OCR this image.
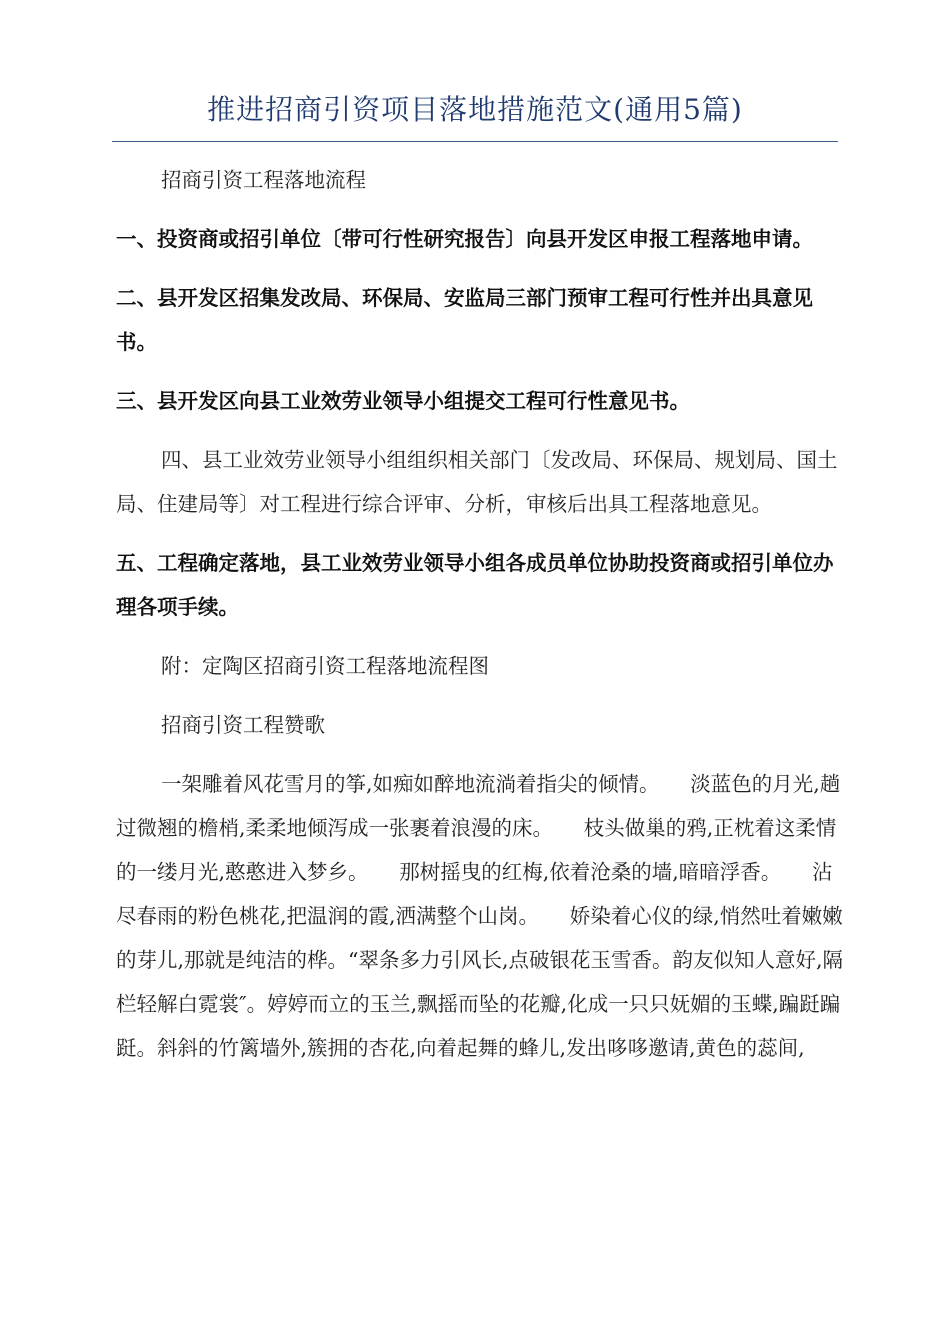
推进招商引资项目落地措施范文(通用5篇)

招商引资工程落地流程

一、投资商或招引单位〔带可行性研究报告〕向县开发区申报工程落地申请。

二、县开发区招集发改局、环保局、安监局三部门预审工程可行性并出具意见书。

三、县开发区向县工业效劳业领导小组提交工程可行性意见书。

四、县工业效劳业领导小组组织相关部门〔发改局、环保局、规划局、国土局、住建局等〕对工程进行综合评审、分析，审核后出具工程落地意见。

五、工程确定落地，县工业效劳业领导小组各成员单位协助投资商或招引单位办理各项手续。

附：定陶区招商引资工程落地流程图

招商引资工程赞歌

一架雕着风花雪月的筝,如痴如醉地流淌着指尖的倾情。　　淡蓝色的月光,趟过微翘的檐梢,柔柔地倾泻成一张裹着浪漫的床。　　枝头做巢的鸦,正枕着这柔情的一缕月光,憨憨进入梦乡。　　那树摇曳的红梅,依着沧桑的墙,暗暗浮香。　　沾尽春雨的粉色桃花,把温润的霞,洒满整个山岗。　　娇染着心仪的绿,悄然吐着嫩嫩的芽儿,那就是纯洁的桦。“翠条多力引风长,点破银花玉雪香。韵友似知人意好,隔栏轻解白霓裳″。婷婷而立的玉兰,飘摇而坠的花瓣,化成一只只妩媚的玉蝶,蹁跹蹁跹。斜斜的竹篱墙外,簇拥的杏花,向着起舞的蜂儿,发出哆哆邀请,黄色的蕊间,
